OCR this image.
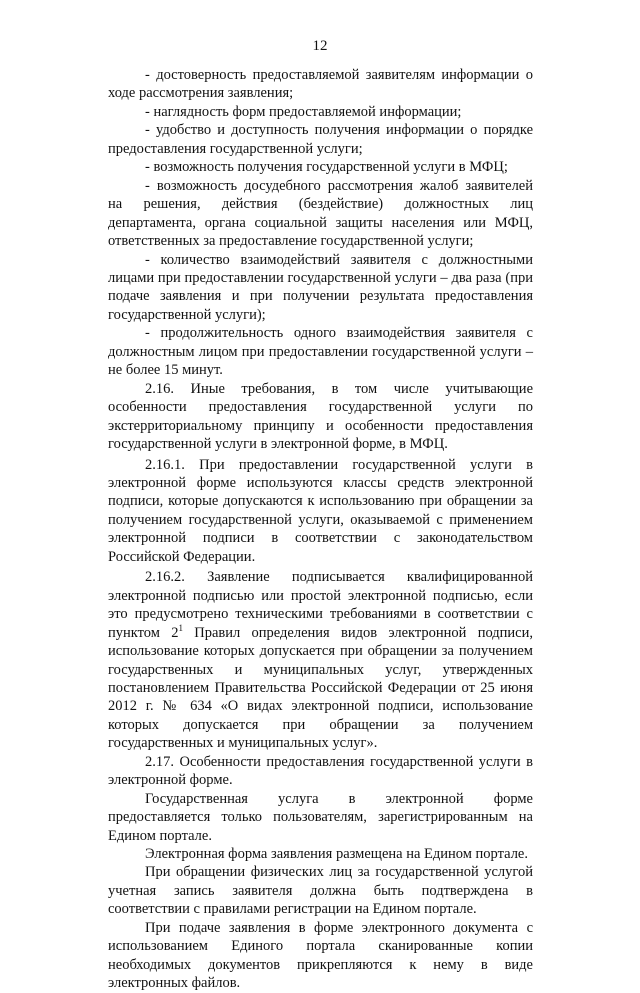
12

- достоверность предоставляемой заявителям информации о ходе рассмотрения заявления;

- наглядность форм предоставляемой информации;

- удобство и доступность получения информации о порядке предоставления государственной услуги;

- возможность получения государственной услуги в МФЦ;

- возможность досудебного рассмотрения жалоб заявителей на решения, действия (бездействие) должностных лиц департамента, органа социальной защиты населения или МФЦ, ответственных за предоставление государственной услуги;

- количество взаимодействий заявителя с должностными лицами при предоставлении государственной услуги – два раза (при подаче заявления и при получении результата предоставления государственной услуги);

- продолжительность одного взаимодействия заявителя с должностным лицом при предоставлении государственной услуги – не более 15 минут.

2.16. Иные требования, в том числе учитывающие особенности предоставления государственной услуги по экстерриториальному принципу и особенности предоставления государственной услуги в электронной форме, в МФЦ.

2.16.1. При предоставлении государственной услуги в электронной форме используются классы средств электронной подписи, которые допускаются к использованию при обращении за получением государственной услуги, оказываемой с применением электронной подписи в соответствии с законодательством Российской Федерации.

2.16.2. Заявление подписывается квалифицированной электронной подписью или простой электронной подписью, если это предусмотрено техническими требованиями в соответствии с пунктом $2^1$ Правил определения видов электронной подписи, использование которых допускается при обращении за получением государственных и муниципальных услуг, утвержденных постановлением Правительства Российской Федерации от 25 июня 2012 г. № 634 «О видах электронной подписи, использование которых допускается при обращении за получением государственных и муниципальных услуг».

2.17. Особенности предоставления государственной услуги в электронной форме.

Государственная услуга в электронной форме предоставляется только пользователям, зарегистрированным на Едином портале.

Электронная форма заявления размещена на Едином портале.

При обращении физических лиц за государственной услугой учетная запись заявителя должна быть подтверждена в соответствии с правилами регистрации на Едином портале.

При подаче заявления в форме электронного документа с использованием Единого портала сканированные копии необходимых документов прикрепляются к нему в виде электронных файлов.
